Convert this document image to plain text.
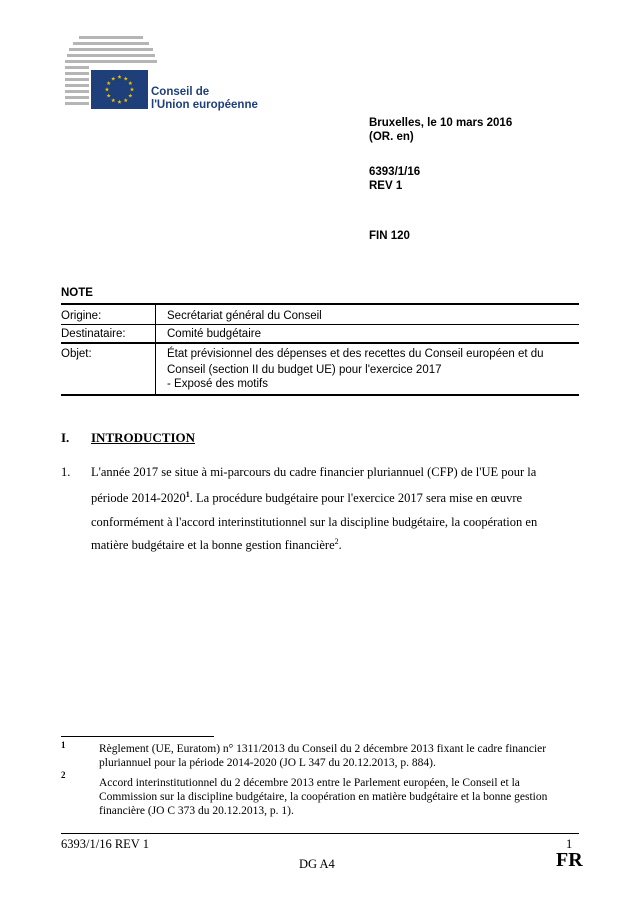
Conseil de
l'Union européenne
Bruxelles, le 10 mars 2016
(OR. en)
6393/1/16
REV 1
FIN 120
NOTE
Origine:	Secrétariat général du Conseil
Destinataire:	Comité budgétaire
Objet:	État prévisionnel des dépenses et des recettes du Conseil européen et du Conseil (section II du budget UE) pour l'exercice 2017
- Exposé des motifs
I. INTRODUCTION
1. L'année 2017 se situe à mi-parcours du cadre financier pluriannuel (CFP) de l'UE pour la
période 2014-2020$^1$. La procédure budgétaire pour l'exercice 2017 sera mise en œuvre
conformément à l'accord interinstitutionnel sur la discipline budgétaire, la coopération en
matière budgétaire et la bonne gestion financière$^2$.
1	Règlement (UE, Euratom) n° 1311/2013 du Conseil du 2 décembre 2013 fixant le cadre financier pluriannuel pour la période 2014-2020 (JO L 347 du 20.12.2013, p. 884).
2
Accord interinstitutionnel du 2 décembre 2013 entre le Parlement européen, le Conseil et la Commission sur la discipline budgétaire, la coopération en matière budgétaire et la bonne gestion financière (JO C 373 du 20.12.2013, p. 1).
6393/1/16 REV 1	1
DG A4	FR
